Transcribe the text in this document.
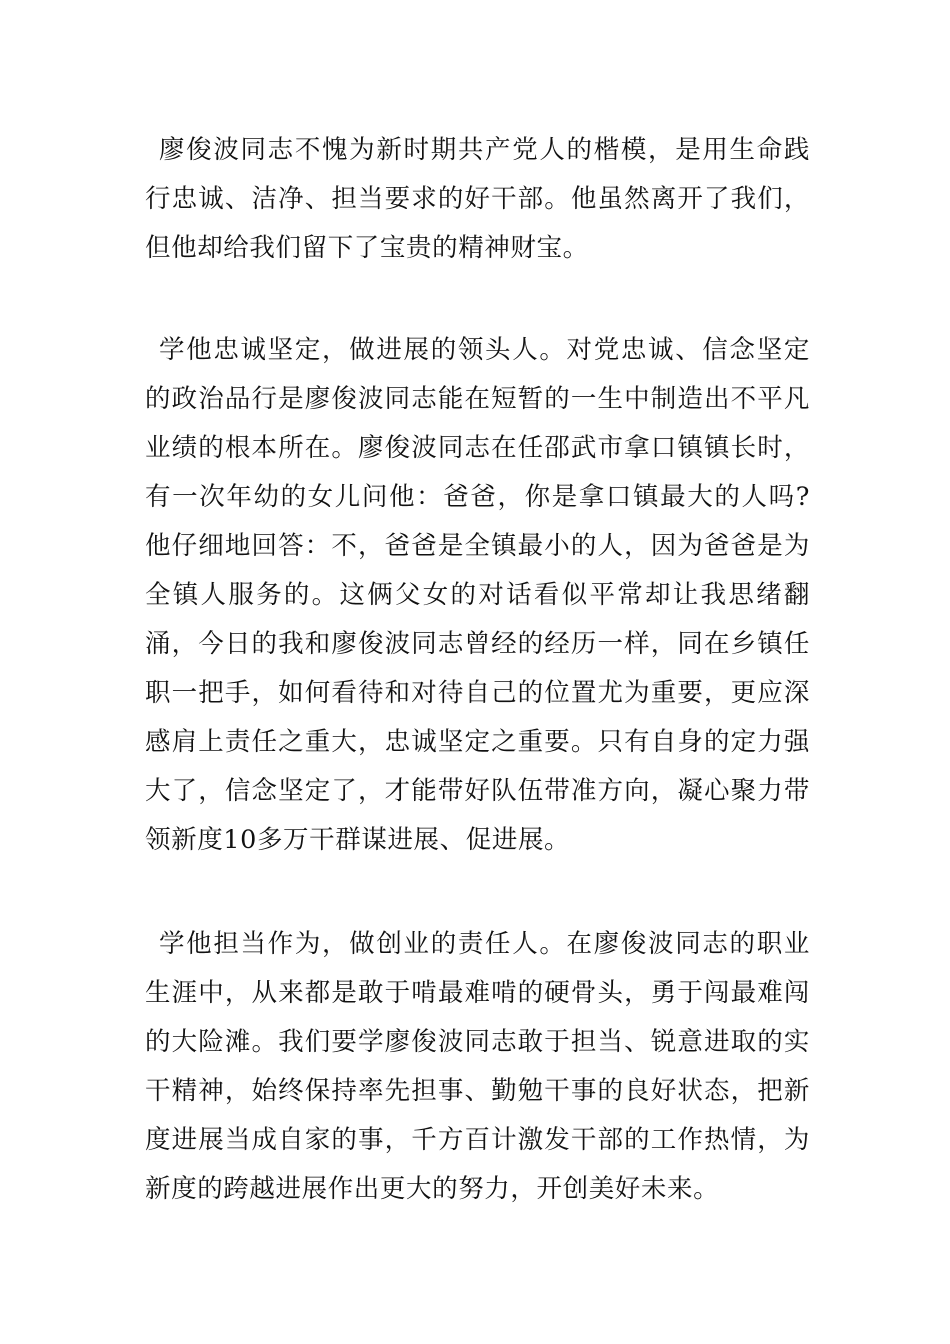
廖俊波同志不愧为新时期共产党人的楷模，是用生命践行忠诚、洁净、担当要求的好干部。他虽然离开了我们，但他却给我们留下了宝贵的精神财宝。

学他忠诚坚定，做进展的领头人。对党忠诚、信念坚定的政治品行是廖俊波同志能在短暂的一生中制造出不平凡业绩的根本所在。廖俊波同志在任邵武市拿口镇镇长时，有一次年幼的女儿问他：爸爸，你是拿口镇最大的人吗?他仔细地回答：不，爸爸是全镇最小的人，因为爸爸是为全镇人服务的。这俩父女的对话看似平常却让我思绪翻涌，今日的我和廖俊波同志曾经的经历一样，同在乡镇任职一把手，如何看待和对待自己的位置尤为重要，更应深感肩上责任之重大，忠诚坚定之重要。只有自身的定力强大了，信念坚定了，才能带好队伍带准方向，凝心聚力带领新度10多万干群谋进展、促进展。

学他担当作为，做创业的责任人。在廖俊波同志的职业生涯中，从来都是敢于啃最难啃的硬骨头，勇于闯最难闯的大险滩。我们要学廖俊波同志敢于担当、锐意进取的实干精神，始终保持率先担事、勤勉干事的良好状态，把新度进展当成自家的事，千方百计激发干部的工作热情，为新度的跨越进展作出更大的努力，开创美好未来。
